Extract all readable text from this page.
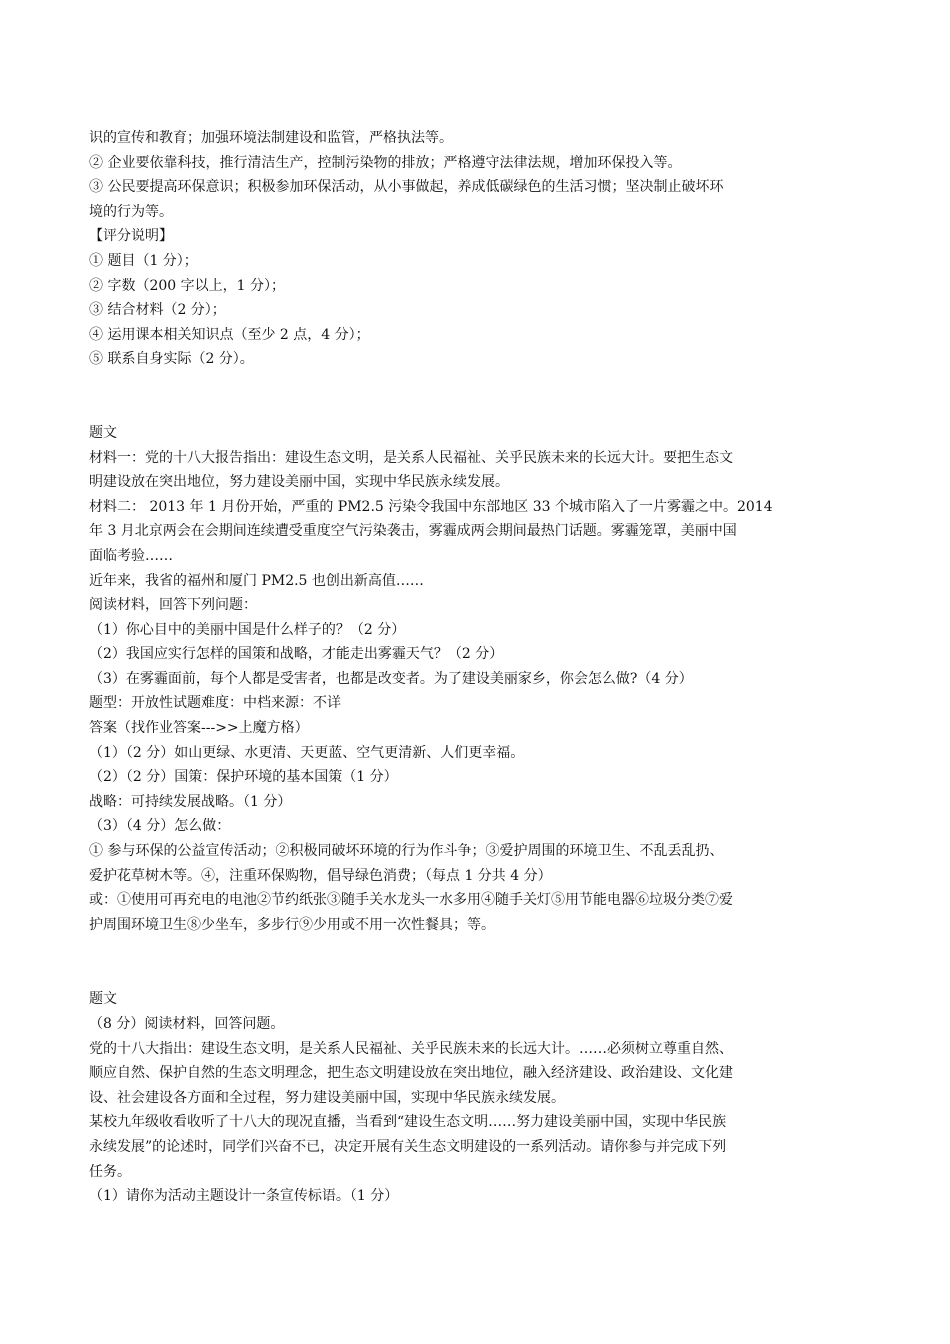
识的宣传和教育；加强环境法制建设和监管，严格执法等。
② 企业要依靠科技，推行清洁生产，控制污染物的排放；严格遵守法律法规，增加环保投入等。
③ 公民要提高环保意识；积极参加环保活动，从小事做起，养成低碳绿色的生活习惯；坚决制止破坏环
境的行为等。
【评分说明】
① 题目（1 分）；
② 字数（200 字以上，1 分）；
③ 结合材料（2 分）；
④ 运用课本相关知识点（至少 2 点，4 分）；
⑤ 联系自身实际（2 分）。
题文
材料一：党的十八大报告指出：建设生态文明，是关系人民福祉、关乎民族未来的长远大计。要把生态文
明建设放在突出地位，努力建设美丽中国，实现中华民族永续发展。
材料二： 2013 年 1 月份开始，严重的 PM2.5 污染令我国中东部地区 33 个城市陷入了一片雾霾之中。2014
年 3 月北京两会在会期间连续遭受重度空气污染袭击，雾霾成两会期间最热门话题。雾霾笼罩，美丽中国
面临考验……
近年来，我省的福州和厦门 PM2.5 也创出新高值……
阅读材料，回答下列问题：
（1）你心目中的美丽中国是什么样子的？（2 分）
（2）我国应实行怎样的国策和战略，才能走出雾霾天气？（2 分）
（3）在雾霾面前，每个人都是受害者，也都是改变者。为了建设美丽家乡，你会怎么做?（4 分）
题型：开放性试题难度：中档来源：不详
答案（找作业答案--->>上魔方格）
（1）（2 分）如山更绿、水更清、天更蓝、空气更清新、人们更幸福。
（2）（2 分）国策：保护环境的基本国策（1 分）
战略：可持续发展战略。（1 分）
（3）（4 分）怎么做：
① 参与环保的公益宣传活动；②积极同破坏环境的行为作斗争；③爱护周围的环境卫生、不乱丢乱扔、
爱护花草树木等。④，注重环保购物，倡导绿色消费；（每点 1 分共 4 分）
或：①使用可再充电的电池②节约纸张③随手关水龙头一水多用④随手关灯⑤用节能电器⑥垃圾分类⑦爱
护周围环境卫生⑧少坐车，多步行⑨少用或不用一次性餐具；等。
题文
（8 分）阅读材料，回答问题。
党的十八大指出：建设生态文明，是关系人民福祉、关乎民族未来的长远大计。……必须树立尊重自然、
顺应自然、保护自然的生态文明理念，把生态文明建设放在突出地位，融入经济建设、政治建设、文化建
设、社会建设各方面和全过程，努力建设美丽中国，实现中华民族永续发展。
某校九年级收看收听了十八大的现况直播，当看到“建设生态文明……努力建设美丽中国，实现中华民族
永续发展”的论述时，同学们兴奋不已，决定开展有关生态文明建设的一系列活动。请你参与并完成下列
任务。
（1）请你为活动主题设计一条宣传标语。（1 分）
